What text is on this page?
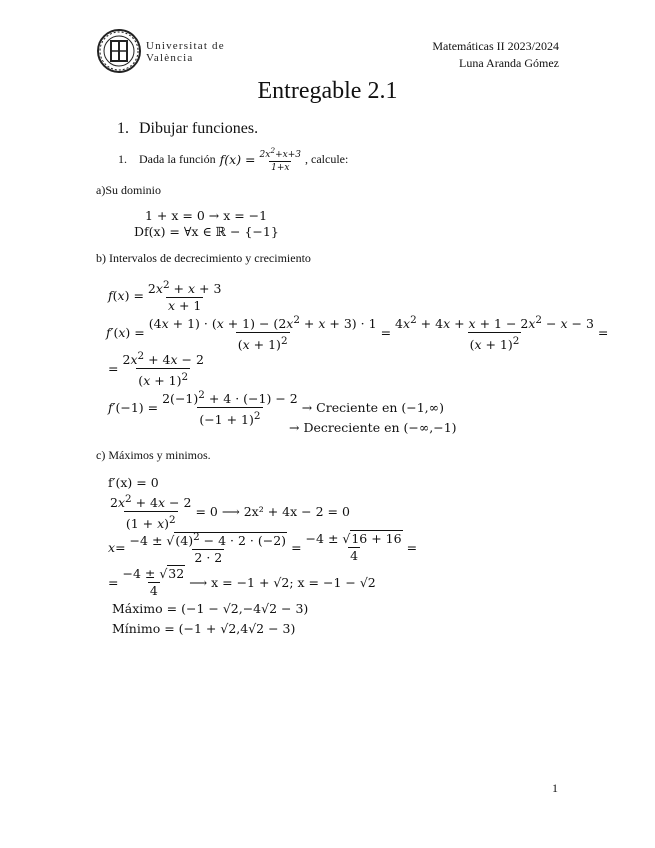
Universitat de València
Matemáticas II 2023/2024
Luna Aranda Gómez
Entregable 2.1
1. Dibujar funciones.
1. Dada la función $f(x) = \frac{2x^2+x+3}{1+x}$ , calcule:
a)Su dominio
1 + x = 0 → x = −1
Df(x) = ∀x ∈ ℝ − {−1}
b) Intervalos de decrecimiento y crecimiento
f ( x ) = $\frac{2x^2 + x + 3}{x + 1}$
f′ ( x ) = $\frac{(4x + 1) \cdot (x + 1) - (2x^2 + x + 3) \cdot 1}{(x + 1)^2} = \frac{4x^2 + 4x + x + 1 - 2x^2 - x - 3}{(x + 1)^2}$ =
= $\frac{2x^2 + 4x - 2}{(x + 1)^2}$
f′ $(-1) = \frac{2(-1)^2 + 4 \cdot (-1) - 2}{(-1 + 1)^2}$ → Creciente en (−1,∞)
→ Decreciente en (−∞,−1)
c) Máximos y minimos.
f′(x) = 0
$\frac{2x^2 + 4x - 2}{(1 + x)^2} = 0$ ⟶ 2x² + 4x − 2 = 0
$x = \frac{-4 \pm √(4)^2 - 4 \cdot 2 \cdot (-2)}{2 \cdot 2} = \frac{-4 \pm √16 + 16}{4}$ =
= $\frac{-4 \pm √32}{4}$ ⟶ x = −1 + √2; x = −1 − √2
Máximo = (−1 − √2,−4√2 − 3)
Mínimo = (−1 + √2,4√2 − 3)
1
